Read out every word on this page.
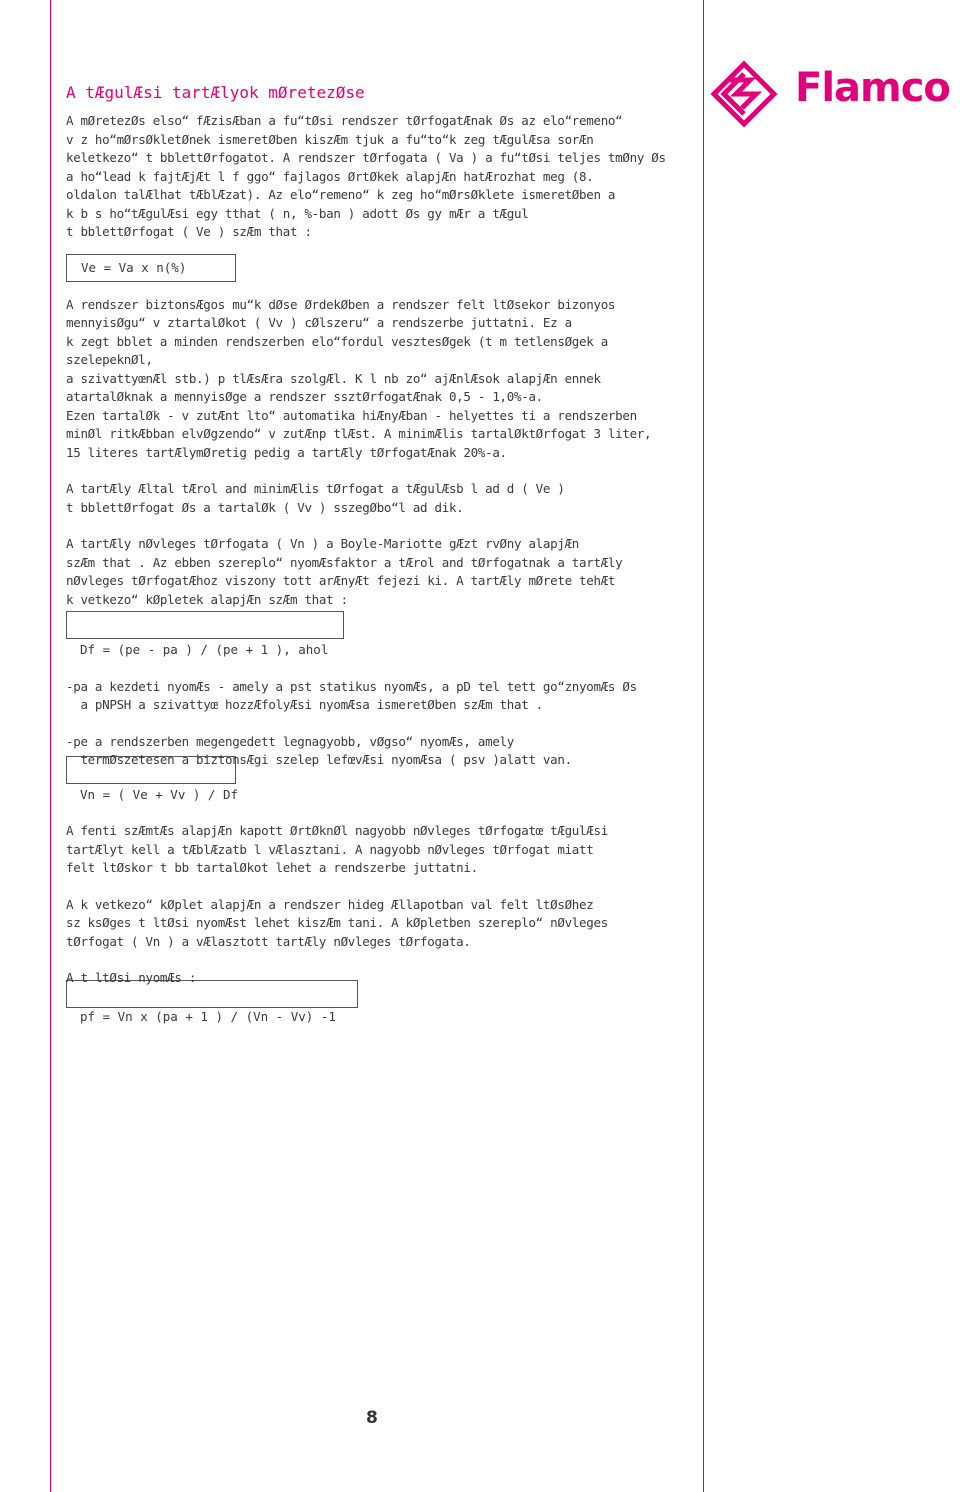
Flamco
A tÆgulÆsi tartÆlyok mØretezØse
A mØretezØs elso“ fÆzisÆban a fu“tØsi rendszer tØrfogatÆnak Øs az elo“remeno“
v z ho“mØrsØkletØnek ismeretØben kiszÆm tjuk a fu“to“k zeg tÆgulÆsa sorÆn
keletkezo“ t bblettØrfogatot. A rendszer tØrfogata ( Va ) a fu“tØsi teljes tmØny Øs
a ho“lead k fajtÆjÆt l f ggo“ fajlagos ØrtØkek alapjÆn hatÆrozhat meg (8.
oldalon talÆlhat tÆblÆzat). Az elo“remeno“ k zeg ho“mØrsØklete ismeretØben a
k b s ho“tÆgulÆsi egy tthat ( n, %-ban ) adott Øs gy mÆr a tÆgul
t bblettØrfogat ( Ve ) szÆm that :
Ve = Va x n(%)
A rendszer biztonsÆgos mu“k dØse ØrdekØben a rendszer felt ltØsekor bizonyos
mennyisØgu“ v ztartalØkot ( Vv ) cØlszeru“ a rendszerbe juttatni. Ez a
k zegt bblet a minden rendszerben elo“fordul vesztesØgek (t m tetlensØgek a
szelepeknØl,
a szivattyœnÆl stb.) p tlÆsÆra szolgÆl. K l nb zo“ ajÆnlÆsok alapjÆn ennek
atartalØknak a mennyisØge a rendszer ssztØrfogatÆnak 0,5 - 1,0%-a.
Ezen tartalØk - v zutÆnt lto“ automatika hiÆnyÆban - helyettes ti a rendszerben
minØl ritkÆbban elvØgzendo“ v zutÆnp tlÆst. A minimÆlis tartalØktØrfogat 3 liter,
15 literes tartÆlymØretig pedig a tartÆly tØrfogatÆnak 20%-a.
A tartÆly Æltal tÆrol and minimÆlis tØrfogat a tÆgulÆsb l ad d ( Ve )
t bblettØrfogat Øs a tartalØk ( Vv ) sszegØbo“l ad dik.
A tartÆly nØvleges tØrfogata ( Vn ) a Boyle-Mariotte gÆzt rvØny alapjÆn
szÆm that . Az ebben szereplo“ nyomÆsfaktor a tÆrol and tØrfogatnak a tartÆly
nØvleges tØrfogatÆhoz viszony tott arÆnyÆt fejezi ki. A tartÆly mØrete tehÆt
k vetkezo“ kØpletek alapjÆn szÆm that :
Df = (pe - pa ) / (pe + 1 ), ahol
-pa a kezdeti nyomÆs - amely a pst statikus nyomÆs, a pD tel tett go“znyomÆs Øs
a pNPSH a szivattyœ hozzÆfolyÆsi nyomÆsa ismeretØben szÆm that .
-pe a rendszerben megengedett legnagyobb, vØgso“ nyomÆs, amely
termØszetesen a biztonsÆgi szelep lefœvÆsi nyomÆsa ( psv )alatt van.
Vn = ( Ve + Vv ) / Df
A fenti szÆmtÆs alapjÆn kapott ØrtØknØl nagyobb nØvleges tØrfogatœ tÆgulÆsi
tartÆlyt kell a tÆblÆzatb l vÆlasztani. A nagyobb nØvleges tØrfogat miatt
felt ltØskor t bb tartalØkot lehet a rendszerbe juttatni.
A k vetkezo“ kØplet alapjÆn a rendszer hideg Ællapotban val felt ltØsØhez
sz ksØges t ltØsi nyomÆst lehet kiszÆm tani. A kØpletben szereplo“ nØvleges
tØrfogat ( Vn ) a vÆlasztott tartÆly nØvleges tØrfogata.
A t ltØsi nyomÆs :
pf = Vn x (pa + 1 ) / (Vn - Vv) -1
8
